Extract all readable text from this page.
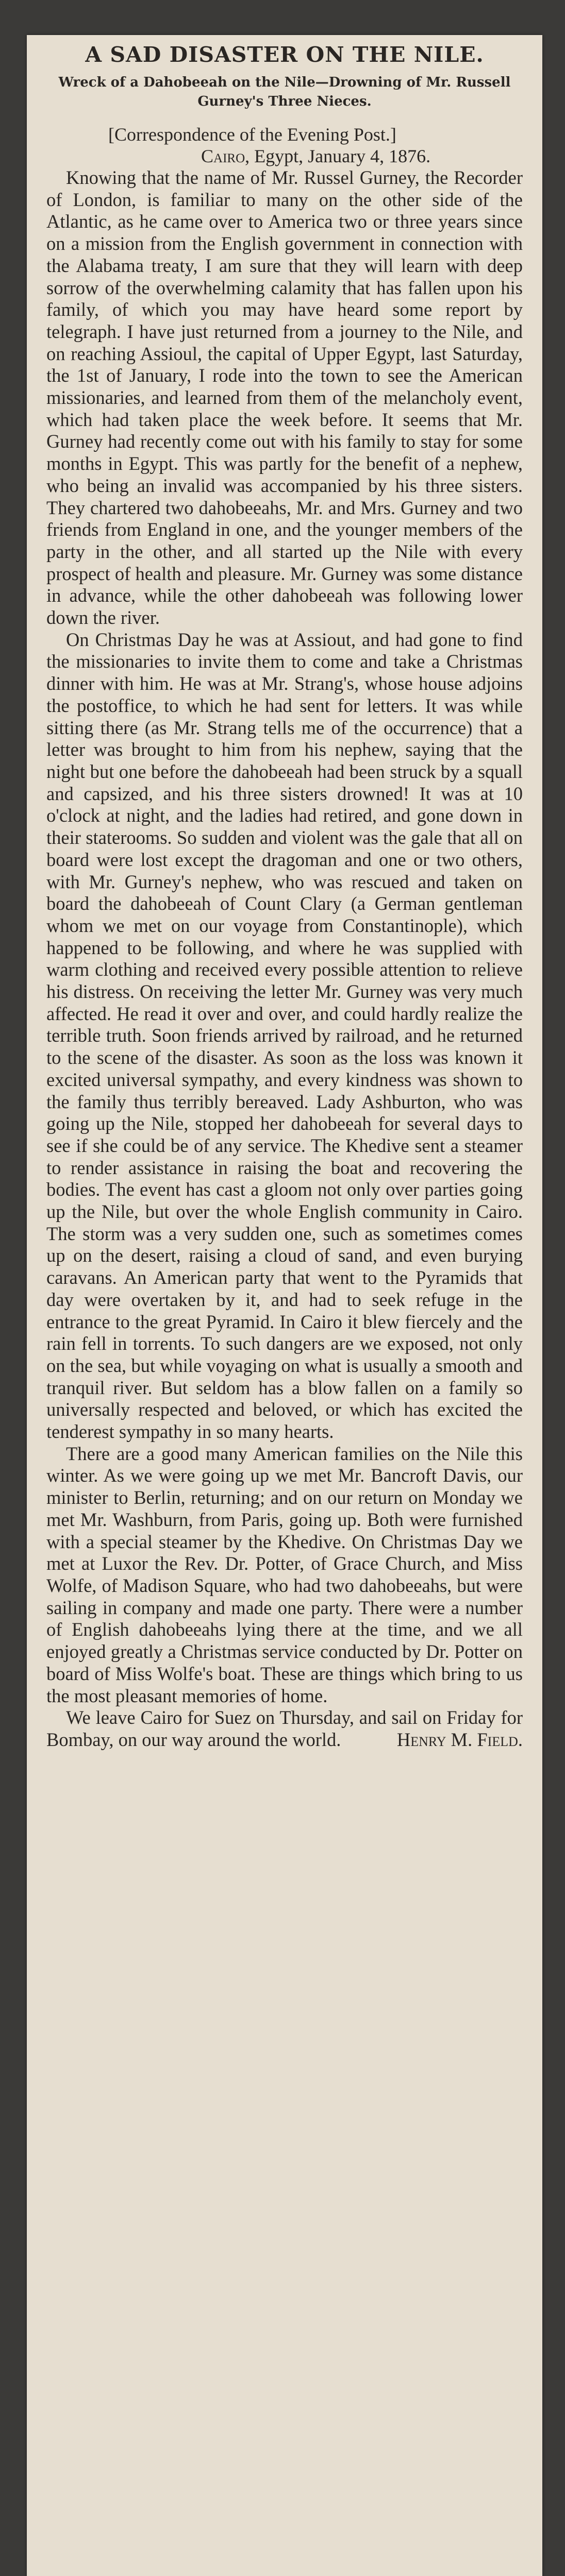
A SAD DISASTER ON THE NILE.
Wreck of a Dahobeeah on the Nile—Drowning of Mr. Russell Gurney's Three Nieces.
[Correspondence of the Evening Post.]
Cairo, Egypt, January 4, 1876.

Knowing that the name of Mr. Russel Gurney, the Recorder of London, is familiar to many on the other side of the Atlantic, as he came over to America two or three years since on a mission from the English government in connection with the Alabama treaty, I am sure that they will learn with deep sorrow of the overwhelming calamity that has fallen upon his family, of which you may have heard some report by telegraph. I have just returned from a journey to the Nile, and on reaching Assioul, the capital of Upper Egypt, last Saturday, the 1st of January, I rode into the town to see the American missionaries, and learned from them of the melancholy event, which had taken place the week before. It seems that Mr. Gurney had recently come out with his family to stay for some months in Egypt. This was partly for the benefit of a nephew, who being an invalid was accompanied by his three sisters. They chartered two dahobeeahs, Mr. and Mrs. Gurney and two friends from England in one, and the younger members of the party in the other, and all started up the Nile with every prospect of health and pleasure. Mr. Gurney was some distance in advance, while the other dahobeeah was following lower down the river.

On Christmas Day he was at Assiout, and had gone to find the missionaries to invite them to come and take a Christmas dinner with him. He was at Mr. Strang's, whose house adjoins the postoffice, to which he had sent for letters. It was while sitting there (as Mr. Strang tells me of the occurrence) that a letter was brought to him from his nephew, saying that the night but one before the dahobeeah had been struck by a squall and capsized, and his three sisters drowned! It was at 10 o'clock at night, and the ladies had retired, and gone down in their staterooms. So sudden and violent was the gale that all on board were lost except the dragoman and one or two others, with Mr. Gurney's nephew, who was rescued and taken on board the dahobeeah of Count Clary (a German gentleman whom we met on our voyage from Constantinople), which happened to be following, and where he was supplied with warm clothing and received every possible attention to relieve his distress. On receiving the letter Mr. Gurney was very much affected. He read it over and over, and could hardly realize the terrible truth. Soon friends arrived by railroad, and he returned to the scene of the disaster. As soon as the loss was known it excited universal sympathy, and every kindness was shown to the family thus terribly bereaved. Lady Ashburton, who was going up the Nile, stopped her dahobeeah for several days to see if she could be of any service. The Khedive sent a steamer to render assistance in raising the boat and recovering the bodies. The event has cast a gloom not only over parties going up the Nile, but over the whole English community in Cairo. The storm was a very sudden one, such as sometimes comes up on the desert, raising a cloud of sand, and even burying caravans. An American party that went to the Pyramids that day were overtaken by it, and had to seek refuge in the entrance to the great Pyramid. In Cairo it blew fiercely and the rain fell in torrents. To such dangers are we exposed, not only on the sea, but while voyaging on what is usually a smooth and tranquil river. But seldom has a blow fallen on a family so universally respected and beloved, or which has excited the tenderest sympathy in so many hearts.

There are a good many American families on the Nile this winter. As we were going up we met Mr. Bancroft Davis, our minister to Berlin, returning; and on our return on Monday we met Mr. Washburn, from Paris, going up. Both were furnished with a special steamer by the Khedive. On Christmas Day we met at Luxor the Rev. Dr. Potter, of Grace Church, and Miss Wolfe, of Madison Square, who had two dahobeeahs, but were sailing in company and made one party. There were a number of English dahobeeahs lying there at the time, and we all enjoyed greatly a Christmas service conducted by Dr. Potter on board of Miss Wolfe's boat. These are things which bring to us the most pleasant memories of home.

We leave Cairo for Suez on Thursday, and sail on Friday for Bombay, on our way around the world.	Henry M. Field.
